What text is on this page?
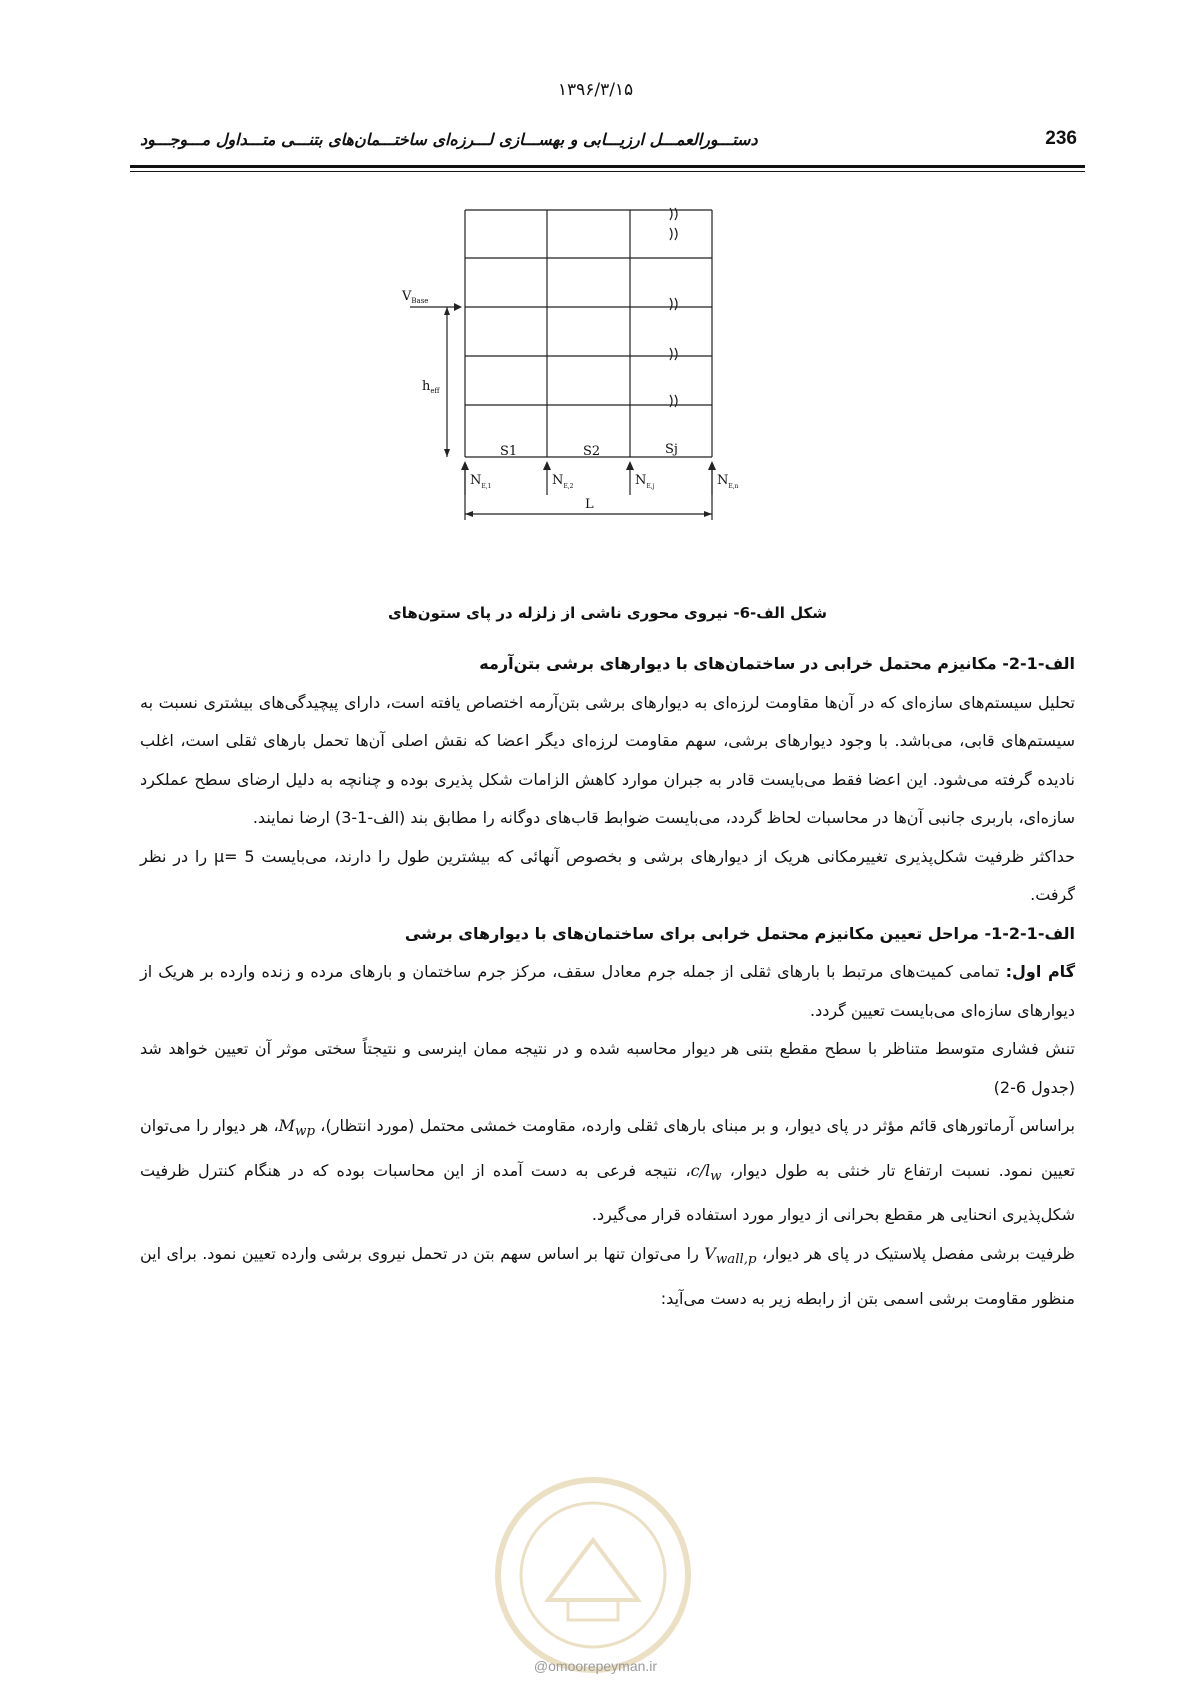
۱۳۹۶/۳/۱۵
236
دستـــورالعمـــل ارزیـــابی و بهســـازی لـــرزه‌ای ساختـــمان‌های بتنـــی متـــداول مـــوجـــود
$V_{Base}$
$h_{eff}$
S1	S2	Sj
$N_{E,1}$	$N_{E,2}$	$N_{E,j}$	$N_{E,n}$
L
شکل الف-6- نیروی محوری ناشی از زلزله در پای ستون‌های
الف-1-2- مکانیزم محتمل خرابی در ساختمان‌های با دیوارهای برشی بتن‌آرمه

تحلیل سیستم‌های سازه‌ای که در آن‌ها مقاومت لرزه‌ای به دیوارهای برشی بتن‌آرمه اختصاص یافته است، دارای پیچیدگی‌های بیشتری نسبت به سیستم‌های قابی، می‌باشد. با وجود دیوارهای برشی، سهم مقاومت لرزه‌ای دیگر اعضا که نقش اصلی آن‌ها تحمل بارهای ثقلی است، اغلب نادیده گرفته می‌شود. این اعضا فقط می‌بایست قادر به جبران موارد کاهش الزامات شکل پذیری بوده و چنانچه به دلیل ارضای سطح عملکرد سازه‌ای، باربری جانبی آن‌ها در محاسبات لحاظ گردد، می‌بایست ضوابط قاب‌های دوگانه را مطابق بند (الف-1-3) ارضا نمایند.

حداکثر ظرفیت شکل‌پذیری تغییرمکانی هریک از دیوارهای برشی و بخصوص آنهائی که بیشترین طول را دارند، می‌بایست μ= 5 را در نظر گرفت.

الف-1-2-1- مراحل تعیین مکانیزم محتمل خرابی برای ساختمان‌های با دیوارهای برشی

گام اول: تمامی کمیت‌های مرتبط با بارهای ثقلی از جمله جرم معادل سقف، مرکز جرم ساختمان و بارهای مرده و زنده وارده بر هریک از دیوارهای سازه‌ای می‌بایست تعیین گردد.

تنش فشاری متوسط متناظر با سطح مقطع بتنی هر دیوار محاسبه شده و در نتیجه ممان اینرسی و نتیجتاً سختی موثر آن تعیین خواهد شد (جدول 6-2)

براساس آرماتورهای قائم مؤثر در پای دیوار، و بر مبنای بارهای ثقلی وارده، مقاومت خمشی محتمل (مورد انتظار)، $M_{wp}،$ هر دیوار را می‌توان تعیین نمود. نسبت ارتفاع تار خنثی به طول دیوار، $c/l_w،$ نتیجه فرعی به دست آمده از این محاسبات بوده که در هنگام کنترل ظرفیت شکل‌پذیری انحنایی هر مقطع بحرانی از دیوار مورد استفاده قرار می‌گیرد.

ظرفیت برشی مفصل پلاستیک در پای هر دیوار، $V_{wall,p}$ را می‌توان تنها بر اساس سهم بتن در تحمل نیروی برشی وارده تعیین نمود. برای این منظور مقاومت برشی اسمی بتن از رابطه زیر به دست می‌آید:

@omoorepeyman.ir
